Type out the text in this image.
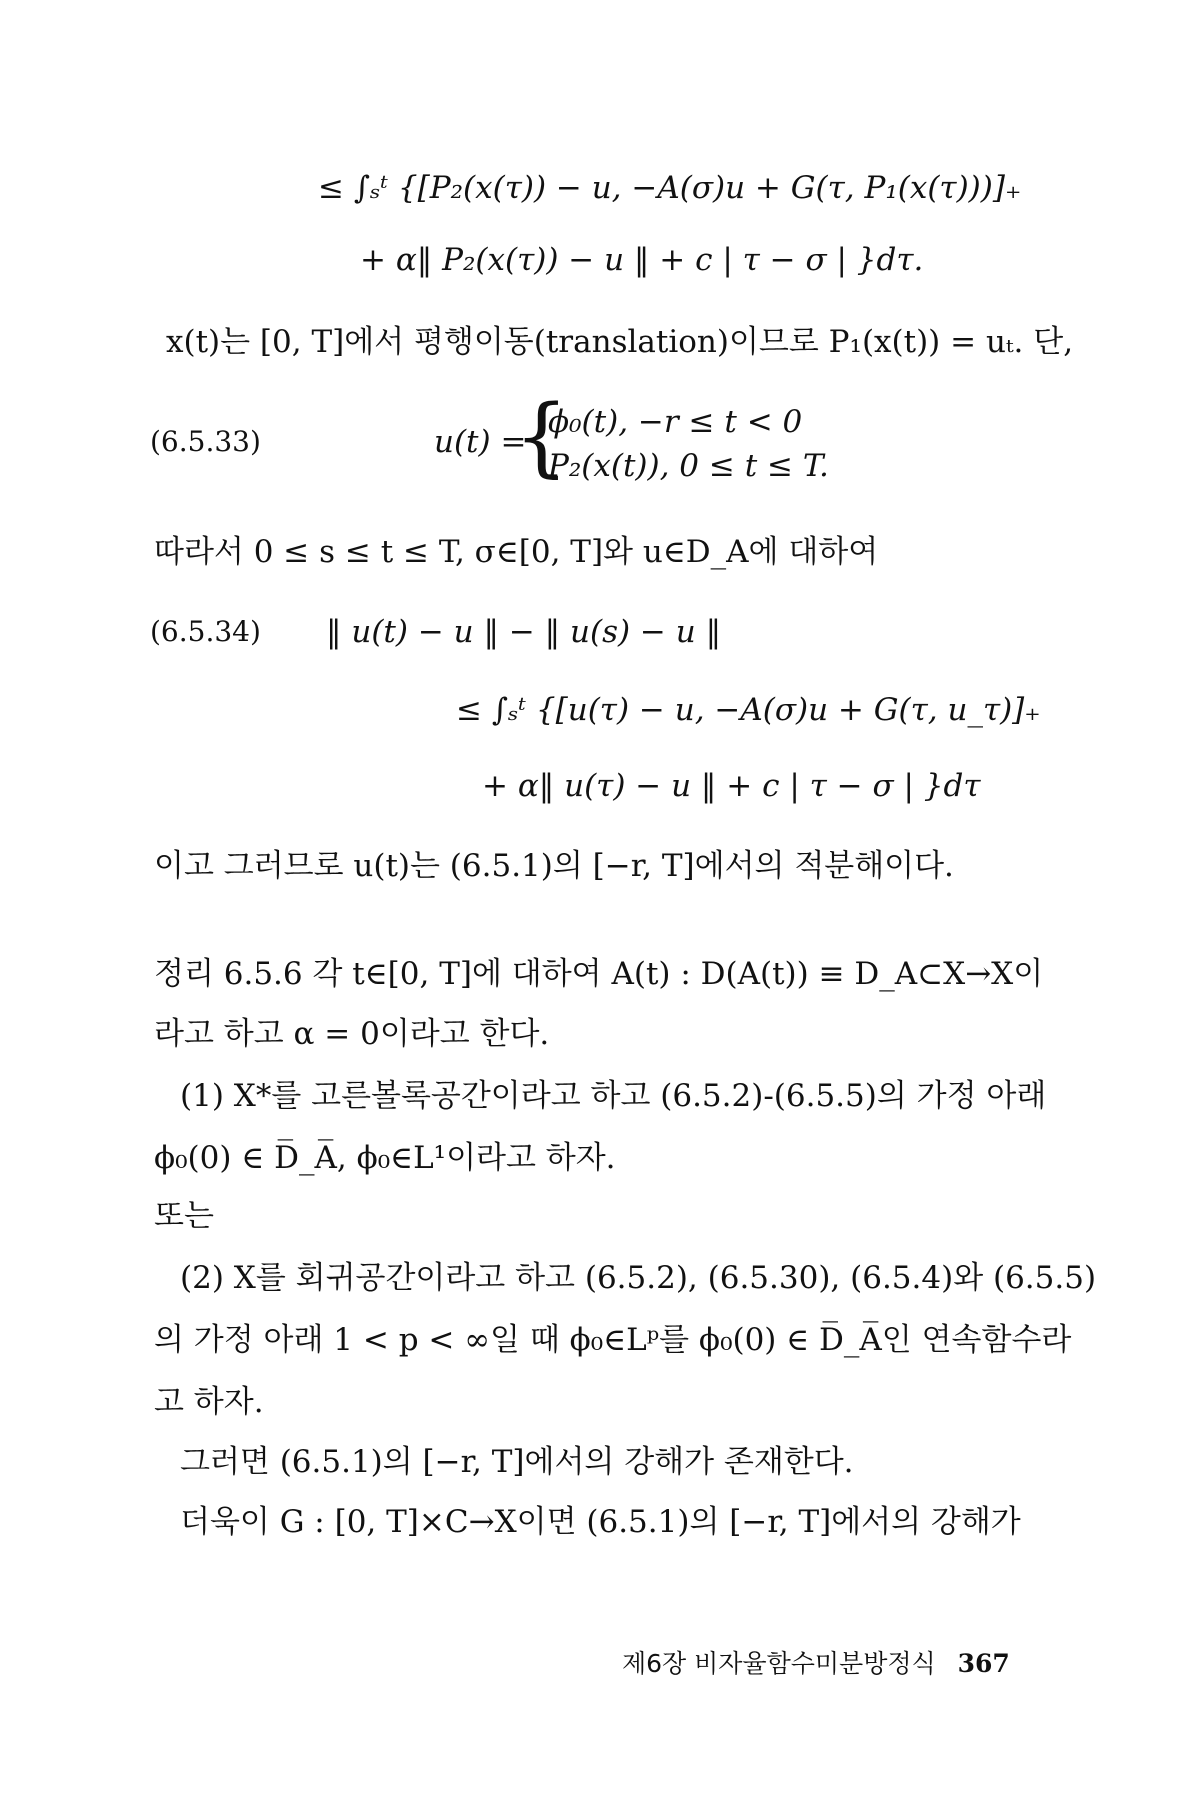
≤ ∫ₛᵗ {[P₂(x(τ)) − u, −A(σ)u + G(τ, P₁(x(τ)))]₊
+ α‖ P₂(x(τ)) − u ‖ + c | τ − σ | }dτ.
x(t)는 [0, T]에서 평행이동(translation)이므로 P₁(x(t)) = uₜ. 단,
(6.5.33)	u(t) =
{
ϕ₀(t), −r ≤ t < 0
P₂(x(t)), 0 ≤ t ≤ T.
따라서 0 ≤ s ≤ t ≤ T, σ∈[0, T]와 u∈D_A에 대하여
(6.5.34) ‖ u(t) − u ‖ − ‖ u(s) − u ‖
≤ ∫ₛᵗ {[u(τ) − u, −A(σ)u + G(τ, u_τ)]₊
+ α‖ u(τ) − u ‖ + c | τ − σ | }dτ
이고 그러므로 u(t)는 (6.5.1)의 [−r, T]에서의 적분해이다.
정리 6.5.6 각 t∈[0, T]에 대하여 A(t) : D(A(t)) ≡ D_A⊂X→X이
라고 하고 α = 0이라고 한다.
(1) X*를 고른볼록공간이라고 하고 (6.5.2)-(6.5.5)의 가정 아래
ϕ₀(0) ∈ D̅_A̅, ϕ₀∈L¹이라고 하자.
또는
(2) X를 회귀공간이라고 하고 (6.5.2), (6.5.30), (6.5.4)와 (6.5.5)
의 가정 아래 1 < p < ∞일 때 ϕ₀∈Lᵖ를 ϕ₀(0) ∈ D̅_A̅인 연속함수라
고 하자.
그러면 (6.5.1)의 [−r, T]에서의 강해가 존재한다.
더욱이 G : [0, T]×C→X이면 (6.5.1)의 [−r, T]에서의 강해가
제6장 비자율함수미분방정식 367
